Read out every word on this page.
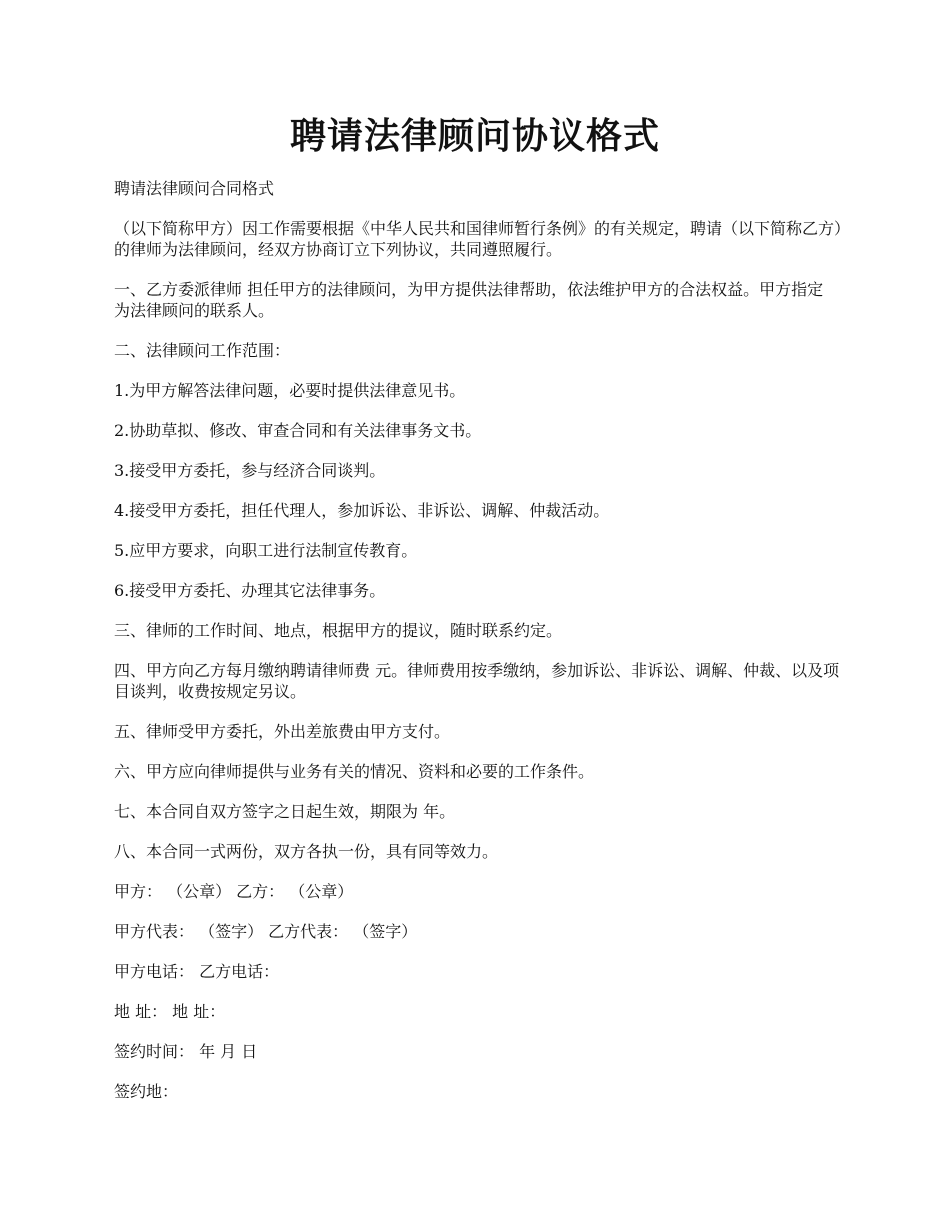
聘请法律顾问协议格式

聘请法律顾问合同格式

（以下简称甲方）因工作需要根据《中华人民共和国律师暂行条例》的有关规定，聘请（以下简称乙方）的律师为法律顾问，经双方协商订立下列协议，共同遵照履行。

一、乙方委派律师 担任甲方的法律顾问，为甲方提供法律帮助，依法维护甲方的合法权益。甲方指定 为法律顾问的联系人。

二、法律顾问工作范围：

1.为甲方解答法律问题，必要时提供法律意见书。

2.协助草拟、修改、审查合同和有关法律事务文书。

3.接受甲方委托，参与经济合同谈判。

4.接受甲方委托，担任代理人，参加诉讼、非诉讼、调解、仲裁活动。

5.应甲方要求，向职工进行法制宣传教育。

6.接受甲方委托、办理其它法律事务。

三、律师的工作时间、地点，根据甲方的提议，随时联系约定。

四、甲方向乙方每月缴纳聘请律师费 元。律师费用按季缴纳，参加诉讼、非诉讼、调解、仲裁、以及项目谈判，收费按规定另议。

五、律师受甲方委托，外出差旅费由甲方支付。

六、甲方应向律师提供与业务有关的情况、资料和必要的工作条件。

七、本合同自双方签字之日起生效，期限为 年。

八、本合同一式两份，双方各执一份，具有同等效力。

甲方： （公章） 乙方： （公章）

甲方代表： （签字） 乙方代表： （签字）

甲方电话： 乙方电话：

地 址： 地 址：

签约时间： 年 月 日

签约地：
